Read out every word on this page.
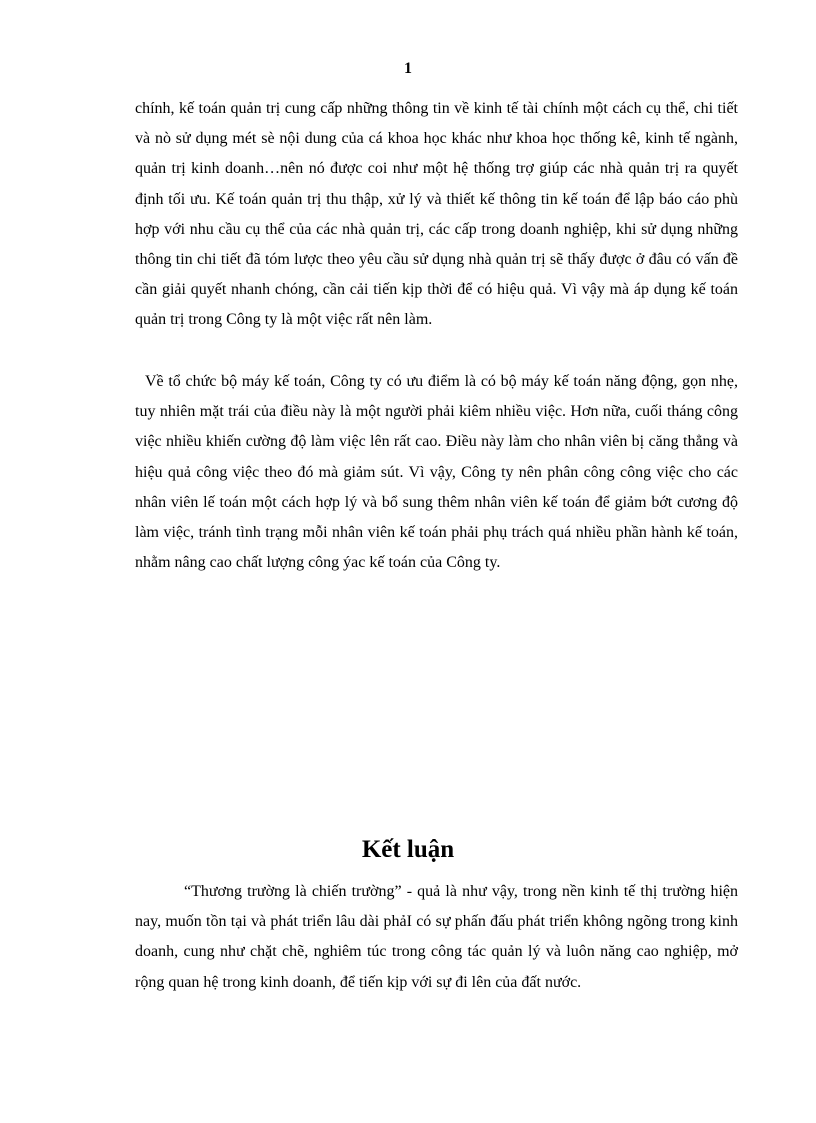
1

chính, kế toán quản trị cung cấp những thông tin về kinh tế tài chính một cách cụ thể, chi tiết và nò sử dụng mét sè nội dung của cá khoa học khác như khoa học thống kê, kinh tế ngành, quản trị kinh doanh…nên nó được coi như một hệ thống trợ giúp các nhà quản trị ra quyết định tối ưu. Kế toán quản trị thu thập, xử lý và thiết kế thông tin kế toán để lập báo cáo phù hợp với nhu cầu cụ thể của các nhà quản trị, các cấp trong doanh nghiệp, khi sử dụng những thông tin chi tiết đã tóm lược theo yêu cầu sử dụng nhà quản trị sẽ thấy được ở đâu có vấn đề cần giải quyết nhanh chóng, cần cải tiến kịp thời để có hiệu quả. Vì vậy mà áp dụng kế toán quản trị trong Công ty là một việc rất nên làm.

Về tổ chức bộ máy kế toán, Công ty có ưu điểm là có bộ máy kế toán năng động, gọn nhẹ, tuy nhiên mặt trái của điều này là một người phải kiêm nhiều việc. Hơn nữa, cuối tháng công việc nhiều khiến cường độ làm việc lên rất cao. Điều này làm cho nhân viên bị căng thẳng và hiệu quả công việc theo đó mà giảm sút. Vì vậy, Công ty nên phân công công việc cho các nhân viên lế toán một cách hợp lý và bổ sung thêm nhân viên kế toán để giảm bớt cương độ làm việc, tránh tình trạng mỗi nhân viên kế toán phải phụ trách quá nhiều phần hành kế toán, nhằm nâng cao chất lượng công ýac kế toán của Công ty.

Kết luận

“Thương trường là chiến trường” - quả là như vậy, trong nền kinh tế thị trường hiện nay, muốn tồn tại và phát triển lâu dài phảI có sự phấn đấu phát triển không ngõng trong kinh doanh, cung như chặt chẽ, nghiêm túc trong công tác quản lý và luôn năng cao nghiệp, mở rộng quan hệ trong kinh doanh, để tiến kịp với sự đi lên của đất nước.
